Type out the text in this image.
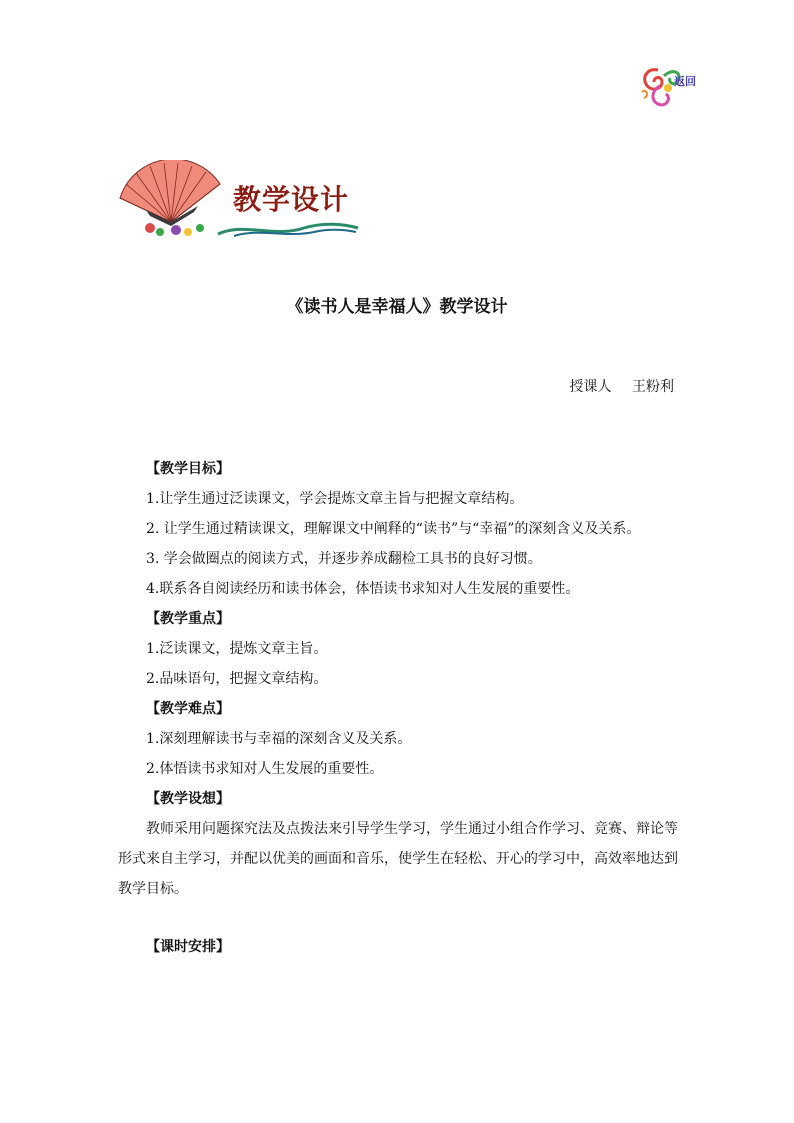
返回
教学设计
《读书人是幸福人》教学设计
授课人 王粉利

【教学目标】

1.让学生通过泛读课文，学会提炼文章主旨与把握文章结构。

2. 让学生通过精读课文，理解课文中阐释的“读书”与“幸福”的深刻含义及关系。

3. 学会做圈点的阅读方式，并逐步养成翻检工具书的良好习惯。

4.联系各自阅读经历和读书体会，体悟读书求知对人生发展的重要性。

【教学重点】

1.泛读课文，提炼文章主旨。

2.品味语句，把握文章结构。

【教学难点】

1.深刻理解读书与幸福的深刻含义及关系。

2.体悟读书求知对人生发展的重要性。

【教学设想】

教师采用问题探究法及点拨法来引导学生学习，学生通过小组合作学习、竞赛、辩论等形式来自主学习，并配以优美的画面和音乐，使学生在轻松、开心的学习中，高效率地达到教学目标。

【课时安排】
